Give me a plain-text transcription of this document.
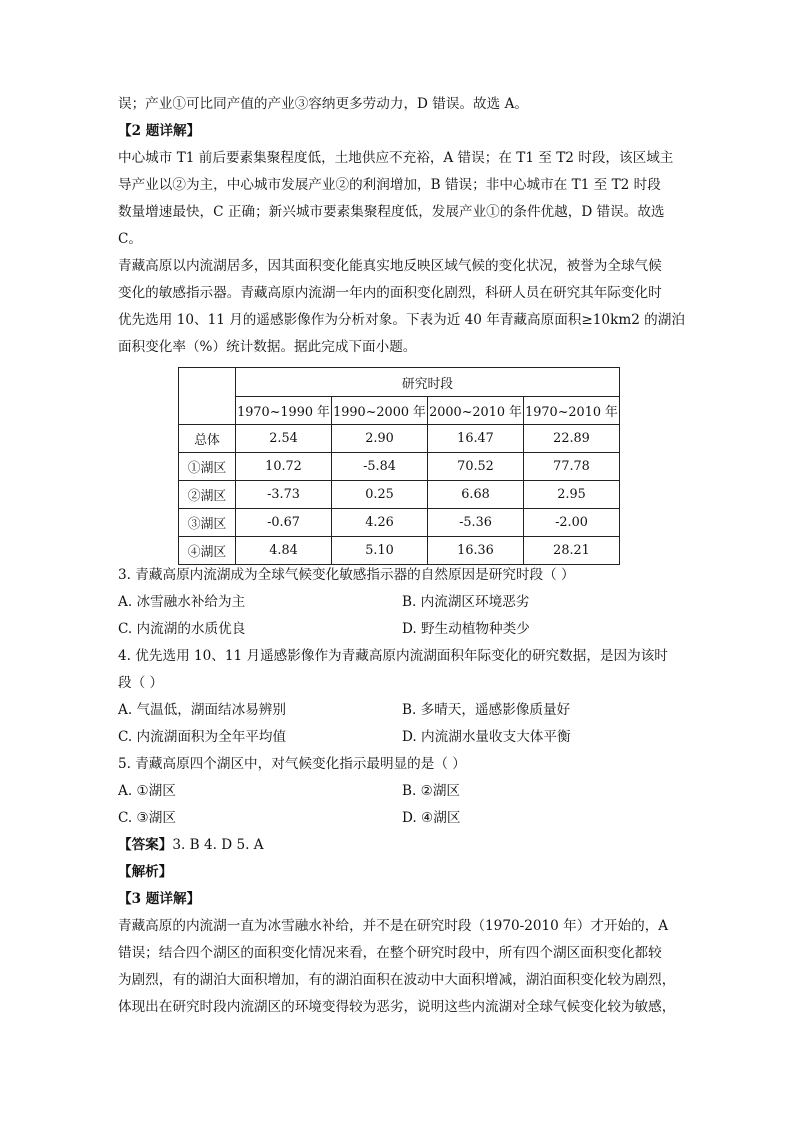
误；产业①可比同产值的产业③容纳更多劳动力，D 错误。故选 A。
【2 题详解】
中心城市 T1 前后要素集聚程度低，土地供应不充裕，A 错误；在 T1 至 T2 时段，该区域主
导产业以②为主，中心城市发展产业②的利润增加，B 错误；非中心城市在 T1 至 T2 时段
数量增速最快，C 正确；新兴城市要素集聚程度低，发展产业①的条件优越，D 错误。故选
C。
青藏高原以内流湖居多，因其面积变化能真实地反映区域气候的变化状况，被誉为全球气候
变化的敏感指示器。青藏高原内流湖一年内的面积变化剧烈，科研人员在研究其年际变化时
优先选用 10、11 月的遥感影像作为分析对象。下表为近 40 年青藏高原面积≥10km2 的湖泊
面积变化率（%）统计数据。据此完成下面小题。
	研究时段			
	1970~1990 年	1990~2000 年	2000~2010 年	1970~2010 年
总体	2.54	2.90	16.47	22.89
①湖区	10.72	-5.84	70.52	77.78
②湖区	-3.73	0.25	6.68	2.95
③湖区	-0.67	4.26	-5.36	-2.00
④湖区	4.84	5.10	16.36	28.21
3. 青藏高原内流湖成为全球气候变化敏感指示器的自然原因是研究时段（ ）
A. 冰雪融水补给为主	B. 内流湖区环境恶劣
C. 内流湖的水质优良	D. 野生动植物种类少
4. 优先选用 10、11 月遥感影像作为青藏高原内流湖面积年际变化的研究数据，是因为该时
段（ ）
A. 气温低，湖面结冰易辨别	B. 多晴天，遥感影像质量好
C. 内流湖面积为全年平均值	D. 内流湖水量收支大体平衡
5. 青藏高原四个湖区中，对气候变化指示最明显的是（ ）
A. ①湖区	B. ②湖区
C. ③湖区	D. ④湖区
【答案】3. B 4. D 5. A
【解析】
【3 题详解】
青藏高原的内流湖一直为冰雪融水补给，并不是在研究时段（1970-2010 年）才开始的，A
错误；结合四个湖区的面积变化情况来看，在整个研究时段中，所有四个湖区面积变化都较
为剧烈，有的湖泊大面积增加，有的湖泊面积在波动中大面积增减，湖泊面积变化较为剧烈，
体现出在研究时段内流湖区的环境变得较为恶劣，说明这些内流湖对全球气候变化较为敏感，
